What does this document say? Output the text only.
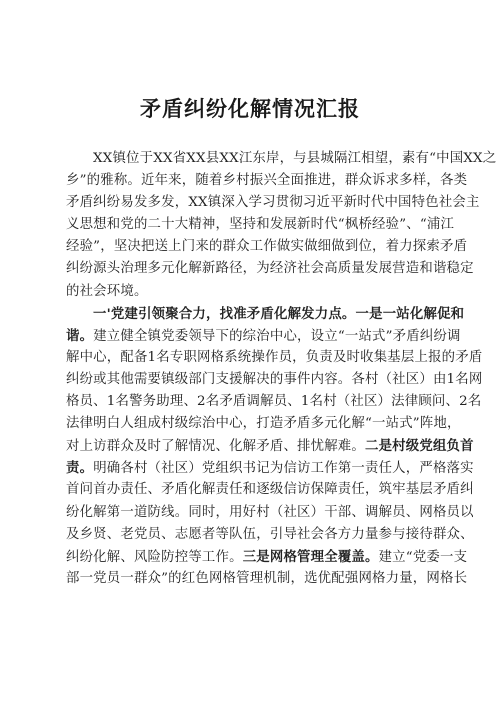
矛盾纠纷化解情况汇报
XX镇位于XX省XX县XX江东岸，与县城隔江相望，素有“中国XX之
乡”的雅称。近年来，随着乡村振兴全面推进，群众诉求多样，各类
矛盾纠纷易发多发，XX镇深入学习贯彻习近平新时代中国特色社会主
义思想和党的二十大精神，坚持和发展新时代“枫桥经验”、“浦江
经验”，坚决把送上门来的群众工作做实做细做到位，着力探索矛盾
纠纷源头治理多元化解新路径，为经济社会高质量发展营造和谐稳定
的社会环境。
一'党建引领聚合力，找准矛盾化解发力点。一是一站化解促和
谐。建立健全镇党委领导下的综治中心，设立“一站式”矛盾纠纷调
解中心，配备1名专职网格系统操作员，负责及时收集基层上报的矛盾
纠纷或其他需要镇级部门支援解决的事件内容。各村（社区）由1名网
格员、1名警务助理、2名矛盾调解员、1名村（社区）法律顾问、2名
法律明白人组成村级综治中心，打造矛盾多元化解“一站式”阵地，
对上访群众及时了解情况、化解矛盾、排忧解难。二是村级党组负首
责。明确各村（社区）党组织书记为信访工作第一责任人，严格落实
首问首办责任、矛盾化解责任和逐级信访保障责任，筑牢基层矛盾纠
纷化解第一道防线。同时，用好村（社区）干部、调解员、网格员以
及乡贤、老党员、志愿者等队伍，引导社会各方力量参与接待群众、
纠纷化解、风险防控等工作。三是网格管理全覆盖。建立“党委一支
部一党员一群众”的红色网格管理机制，选优配强网格力量，网格长
